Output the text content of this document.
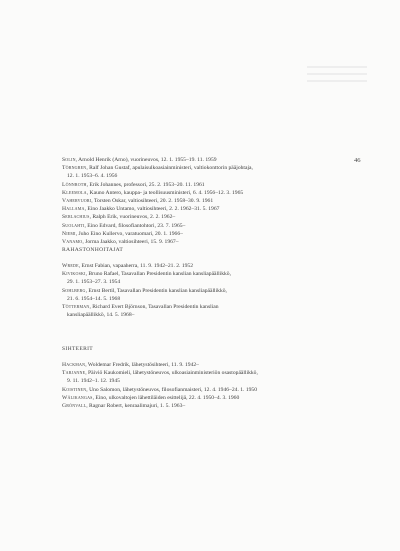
46
Solin, Arnold Henrik (Arno), vuorineuvos, 12. 1. 1955–19. 11. 1959
Törngren, Ralf Johan Gustaf, apulaisulkoasiainministeri, valtiokonttorin pääjohtaja,
12. 1. 1953–6. 4. 1956
Lönnroth, Erik Johannes, professori, 25. 2. 1953–20. 11. 1961
Kleemola, Kauno Antero, kauppa- ja teollisuusministeri, 6. 4. 1956–12. 3. 1965
Vahervuori, Torsten Oskar, valtiosihteeri, 20. 2. 1958–30. 9. 1961
Hallama, Eino Jaakko Untamo, valtiosihteeri, 2. 2. 1962–31. 5. 1967
Serlachius, Ralph Erik, vuorineuvos, 2. 2. 1962–
Suolahti, Eino Edvard, filosofiantohtori, 23. 7. 1965–
Niemi, Juho Eino Kullervo, varatuomari, 20. 1. 1966–
Vanamo, Jorma Jaakko, valtiosihteeri, 15. 9. 1967–
RAHASTONHOITAJAT
Wrede, Ernst Fabian, vapaaherra, 11. 9. 1942–21. 2. 1952
Kivikoski, Bruno Rafael, Tasavallan Presidentin kanslian kansliapäällikkö,
29. 1. 1953–27. 3. 1954
Sohlberg, Ernst Bertil, Tasavallan Presidentin kanslian kansliapäällikkö,
21. 6. 1954–14. 5. 1968
Tötterman, Richard Evert Björnson, Tasavallan Presidentin kanslian
kansliapäällikkö, 14. 5. 1968–
SIHTEERIT
Hackman, Woldemar Fredrik, lähetystösihteeri, 11. 9. 1942–
Tarjanne, Päiviö Kaukomieli, lähetystöneuvos, ulkoasiainministeriön osastopäällikkö,
9. 11. 1942–1. 12. 1945
Koistinen, Uno Salomon, lähetystöneuvos, filosofianmaisteri, 12. 4. 1946–24. 1. 1950
Wälikangas, Eino, ulkovaltojen lähettiläiden esittelijä, 22. 4. 1950–4. 3. 1960
Grönvall, Ragnar Robert, kenraalimajuri, 1. 5. 1963–
